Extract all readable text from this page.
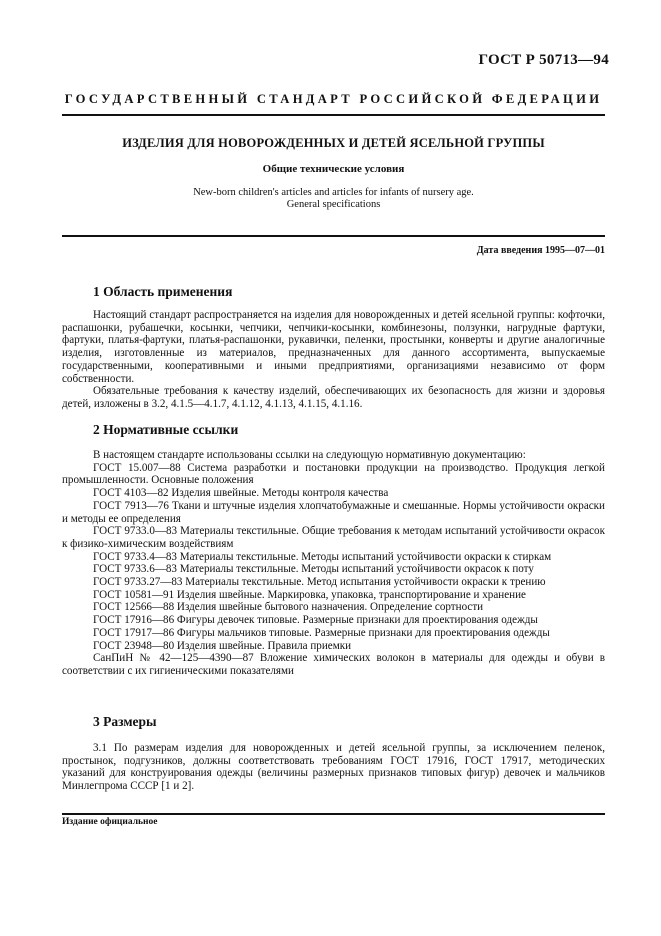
ГОСТ Р 50713—94
ГОСУДАРСТВЕННЫЙ СТАНДАРТ РОССИЙСКОЙ ФЕДЕРАЦИИ
ИЗДЕЛИЯ ДЛЯ НОВОРОЖДЕННЫХ И ДЕТЕЙ ЯСЕЛЬНОЙ ГРУППЫ
Общие технические условия
New-born children's articles and articles for infants of nursery age.
General specifications
Дата введения 1995—07—01
1 Область применения

Настоящий стандарт распространяется на изделия для новорожденных и детей ясельной группы: кофточки, распашонки, рубашечки, косынки, чепчики, чепчики-косынки, комбинезоны, ползунки, нагрудные фартуки, фартуки, платья-фартуки, платья-распашонки, рукавички, пеленки, простынки, конверты и другие аналогичные изделия, изготовленные из материалов, предназначенных для данного ассортимента, выпускаемые государственными, кооперативными и иными предприятиями, организациями независимо от форм собственности.

Обязательные требования к качеству изделий, обеспечивающих их безопасность для жизни и здоровья детей, изложены в 3.2, 4.1.5—4.1.7, 4.1.12, 4.1.13, 4.1.15, 4.1.16.

2 Нормативные ссылки

В настоящем стандарте использованы ссылки на следующую нормативную документацию:

ГОСТ 15.007—88 Система разработки и постановки продукции на производство. Продукция легкой промышленности. Основные положения

ГОСТ 4103—82 Изделия швейные. Методы контроля качества

ГОСТ 7913—76 Ткани и штучные изделия хлопчатобумажные и смешанные. Нормы устойчивости окраски и методы ее определения

ГОСТ 9733.0—83 Материалы текстильные. Общие требования к методам испытаний устойчивости окрасок к физико-химическим воздействиям

ГОСТ 9733.4—83 Материалы текстильные. Методы испытаний устойчивости окраски к стиркам

ГОСТ 9733.6—83 Материалы текстильные. Методы испытаний устойчивости окрасок к поту

ГОСТ 9733.27—83 Материалы текстильные. Метод испытания устойчивости окраски к трению

ГОСТ 10581—91 Изделия швейные. Маркировка, упаковка, транспортирование и хранение

ГОСТ 12566—88 Изделия швейные бытового назначения. Определение сортности

ГОСТ 17916—86 Фигуры девочек типовые. Размерные признаки для проектирования одежды

ГОСТ 17917—86 Фигуры мальчиков типовые. Размерные признаки для проектирования одежды

ГОСТ 23948—80 Изделия швейные. Правила приемки

СанПиН № 42—125—4390—87 Вложение химических волокон в материалы для одежды и обуви в соответствии с их гигиеническими показателями

3 Размеры

3.1 По размерам изделия для новорожденных и детей ясельной группы, за исключением пеленок, простынок, подгузников, должны соответствовать требованиям ГОСТ 17916, ГОСТ 17917, методических указаний для конструирования одежды (величины размерных признаков типовых фигур) девочек и мальчиков Минлегпрома СССР [1 и 2].

Издание официальное
